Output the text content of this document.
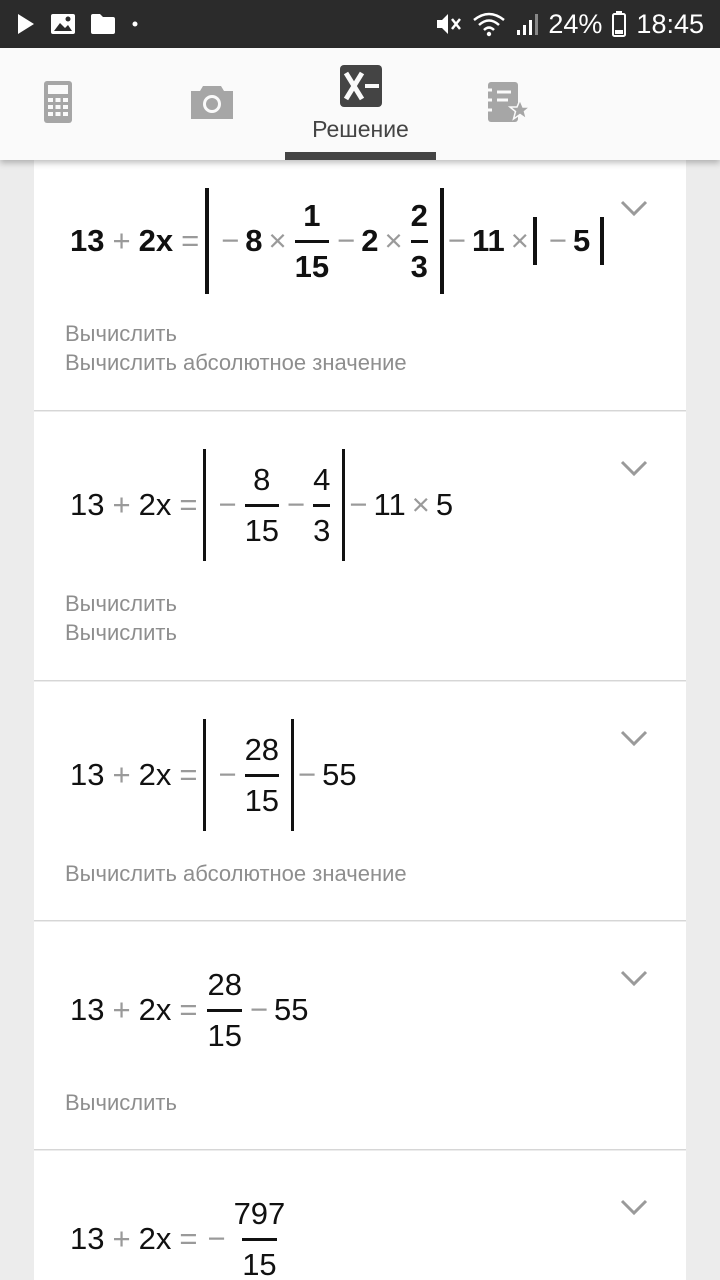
24% 18:45
Решение
13 + 2x = − $8 \times \frac{1}{15} - 2 \times \frac{2}{3} - 11$ × − 5
Вычислить
Вычислить абсолютное значение
13 + 2x = − $\frac{8}{15} - \frac{4}{3} - 11 \times 5$
Вычислить
Вычислить
13 + 2x = − $\frac{28}{15} - 55$
Вычислить абсолютное значение
$13 + 2x = \frac{28}{15} - 55$
Вычислить
13 + 2x = − $\frac{797}{15}$
